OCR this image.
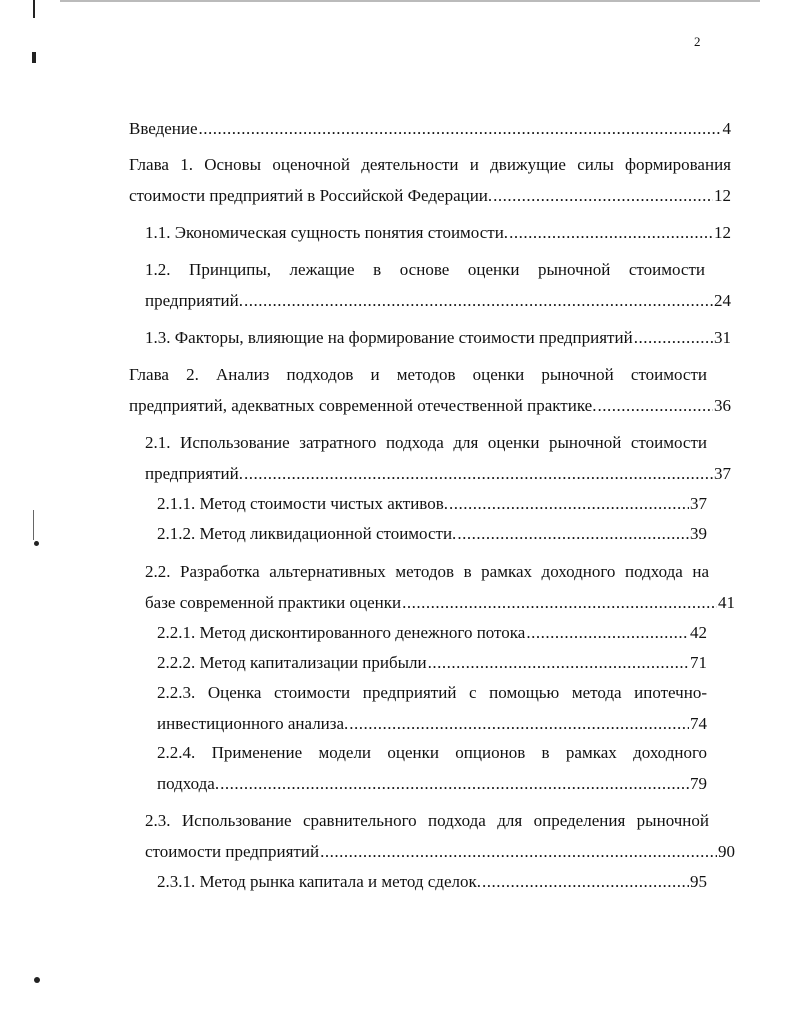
2
Введение .....	4
Глава 1. Основы оценочной деятельности и движущие силы формирования
стоимости предприятий в Российской Федерации. .....	12
1.1. Экономическая сущность понятия стоимости. .....	12
1.2. Принципы, лежащие в основе оценки рыночной стоимости
предприятий. .....	24
1.3. Факторы, влияющие на формирование стоимости предприятий .....	31
Глава 2. Анализ подходов и методов оценки рыночной стоимости
предприятий, адекватных современной отечественной практике. .....	36
2.1. Использование затратного подхода для оценки рыночной стоимости
предприятий. .....	37
2.1.1. Метод стоимости чистых активов. .....	37
2.1.2. Метод ликвидационной стоимости. .....	39
2.2. Разработка альтернативных методов в рамках доходного подхода на
базе современной практики оценки .....	41
2.2.1. Метод дисконтированного денежного потока .....	42
2.2.2. Метод капитализации прибыли .....	71
2.2.3. Оценка стоимости предприятий с помощью метода ипотечно-
инвестиционного анализа. .....	74
2.2.4. Применение модели оценки опционов в рамках доходного
подхода. .....	79
2.3. Использование сравнительного подхода для определения рыночной
стоимости предприятий .....	90
2.3.1. Метод рынка капитала и метод сделок. .....	95
